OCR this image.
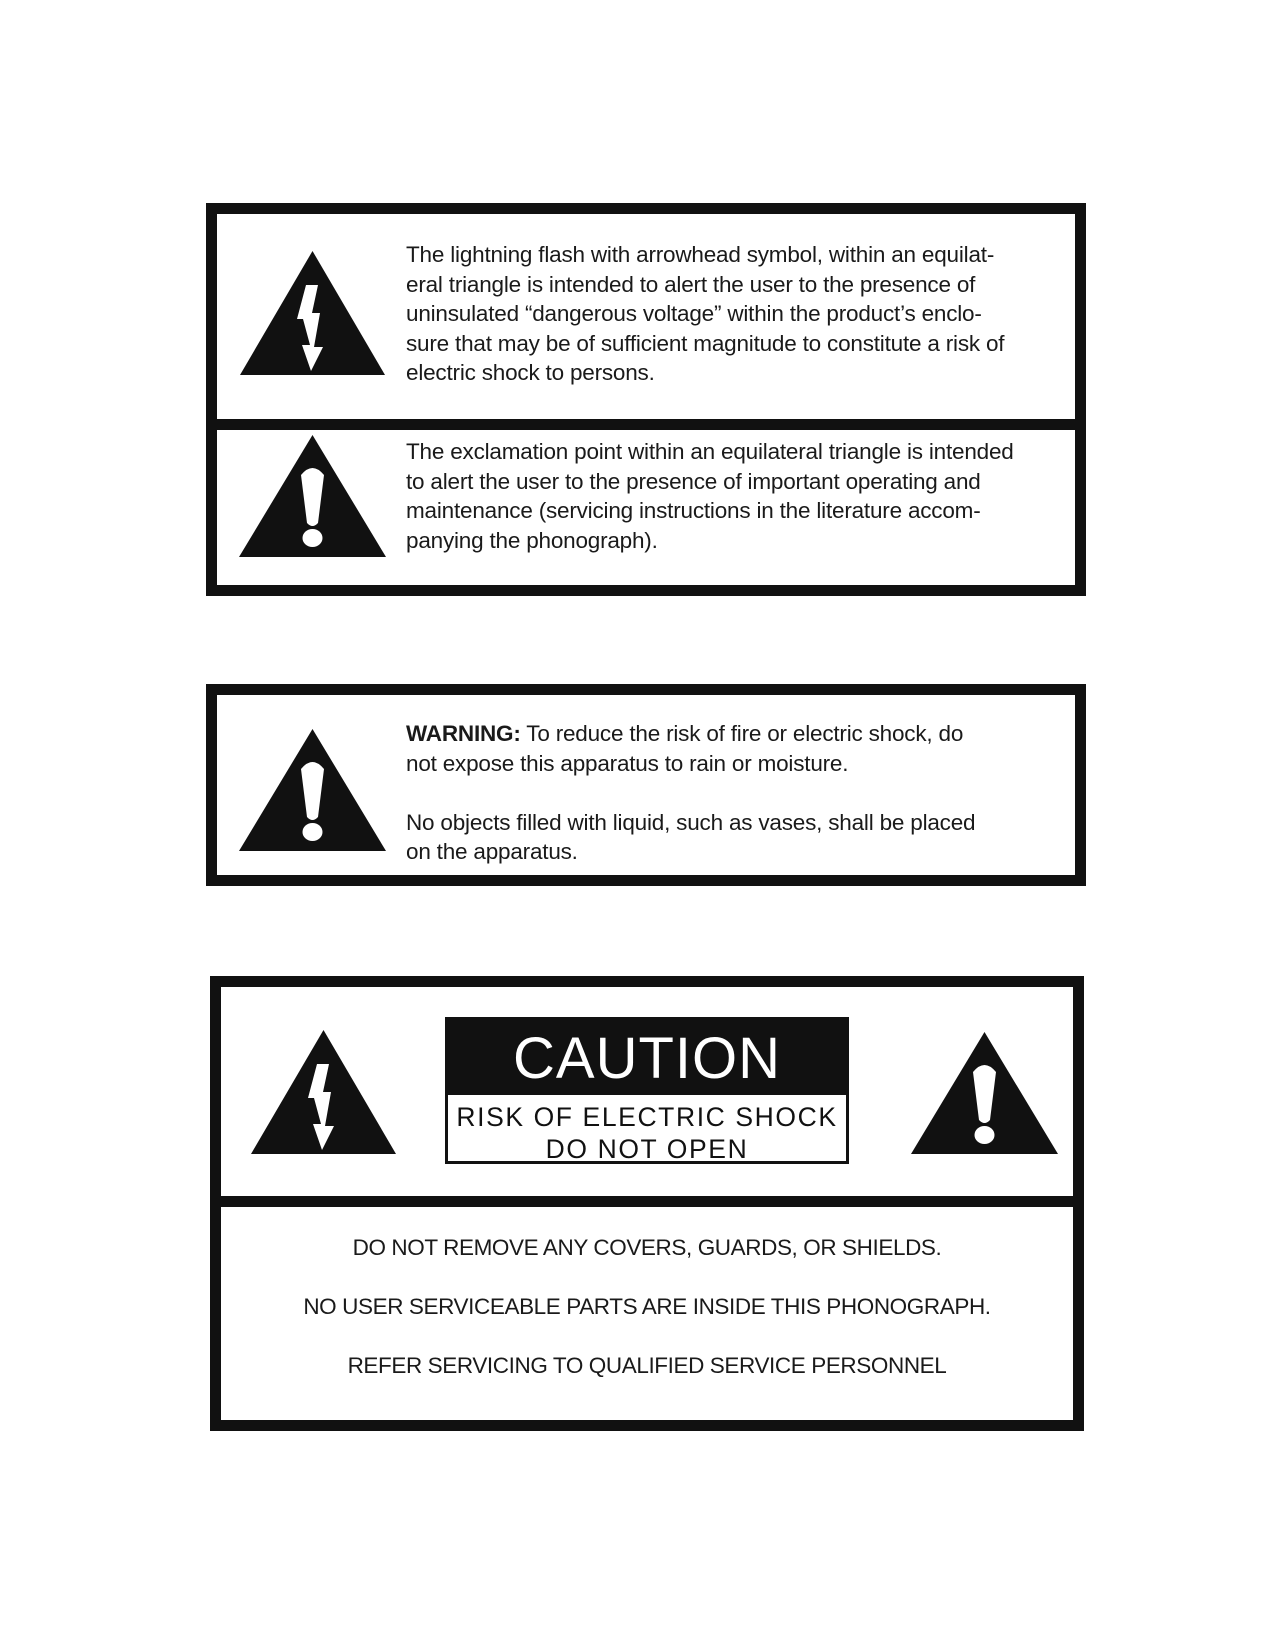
The lightning flash with arrowhead symbol, within an equilat-

eral triangle is intended to alert the user to the presence of

uninsulated “dangerous voltage” within the product’s enclo-

sure that may be of sufficient magnitude to constitute a risk of

electric shock to persons.

The exclamation point within an equilateral triangle is intended

to alert the user to the presence of important operating and

maintenance (servicing instructions in the literature accom-

panying the phonograph).

WARNING: To reduce the risk of fire or electric shock, do

not expose this apparatus to rain or moisture.

No objects filled with liquid, such as vases, shall be placed

on the apparatus.

CAUTION
RISK OF ELECTRIC SHOCK
DO NOT OPEN
DO NOT REMOVE ANY COVERS, GUARDS, OR SHIELDS.
NO USER SERVICEABLE PARTS ARE INSIDE THIS PHONOGRAPH.
REFER SERVICING TO QUALIFIED SERVICE PERSONNEL
